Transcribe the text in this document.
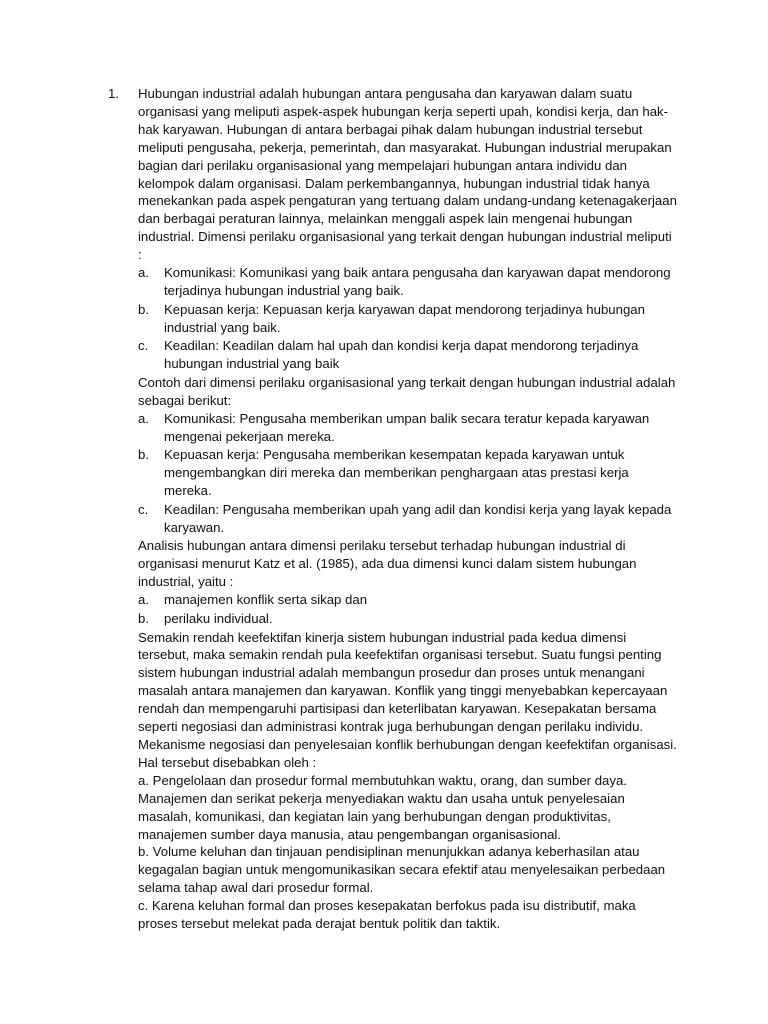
1.	Hubungan industrial adalah hubungan antara pengusaha dan karyawan dalam suatu organisasi yang meliputi aspek-aspek hubungan kerja seperti upah, kondisi kerja, dan hak-hak karyawan. Hubungan di antara berbagai pihak dalam hubungan industrial tersebut meliputi pengusaha, pekerja, pemerintah, dan masyarakat. Hubungan industrial merupakan bagian dari perilaku organisasional yang mempelajari hubungan antara individu dan kelompok dalam organisasi. Dalam perkembangannya, hubungan industrial tidak hanya menekankan pada aspek pengaturan yang tertuang dalam undang-undang ketenagakerjaan dan berbagai peraturan lainnya, melainkan menggali aspek lain mengenai hubungan industrial. Dimensi perilaku organisasional yang terkait dengan hubungan industrial meliputi :

a.	Komunikasi: Komunikasi yang baik antara pengusaha dan karyawan dapat mendorong terjadinya hubungan industrial yang baik.
b.	Kepuasan kerja: Kepuasan kerja karyawan dapat mendorong terjadinya hubungan industrial yang baik.
c.	Keadilan: Keadilan dalam hal upah dan kondisi kerja dapat mendorong terjadinya hubungan industrial yang baik

Contoh dari dimensi perilaku organisasional yang terkait dengan hubungan industrial adalah sebagai berikut:

a.	Komunikasi: Pengusaha memberikan umpan balik secara teratur kepada karyawan mengenai pekerjaan mereka.
b.	Kepuasan kerja: Pengusaha memberikan kesempatan kepada karyawan untuk mengembangkan diri mereka dan memberikan penghargaan atas prestasi kerja mereka.
c.	Keadilan: Pengusaha memberikan upah yang adil dan kondisi kerja yang layak kepada karyawan.

Analisis hubungan antara dimensi perilaku tersebut terhadap hubungan industrial di organisasi menurut Katz et al. (1985), ada dua dimensi kunci dalam sistem hubungan industrial, yaitu :

a.	manajemen konflik serta sikap dan
b.	perilaku individual.

Semakin rendah keefektifan kinerja sistem hubungan industrial pada kedua dimensi tersebut, maka semakin rendah pula keefektifan organisasi tersebut. Suatu fungsi penting sistem hubungan industrial adalah membangun prosedur dan proses untuk menangani masalah antara manajemen dan karyawan. Konflik yang tinggi menyebabkan kepercayaan rendah dan mempengaruhi partisipasi dan keterlibatan karyawan. Kesepakatan bersama seperti negosiasi dan administrasi kontrak juga berhubungan dengan perilaku individu. Mekanisme negosiasi dan penyelesaian konflik berhubungan dengan keefektifan organisasi. Hal tersebut disebabkan oleh :

a. Pengelolaan dan prosedur formal membutuhkan waktu, orang, dan sumber daya. Manajemen dan serikat pekerja menyediakan waktu dan usaha untuk penyelesaian masalah, komunikasi, dan kegiatan lain yang berhubungan dengan produktivitas, manajemen sumber daya manusia, atau pengembangan organisasional.

b. Volume keluhan dan tinjauan pendisiplinan menunjukkan adanya keberhasilan atau kegagalan bagian untuk mengomunikasikan secara efektif atau menyelesaikan perbedaan selama tahap awal dari prosedur formal.

c. Karena keluhan formal dan proses kesepakatan berfokus pada isu distributif, maka proses tersebut melekat pada derajat bentuk politik dan taktik.
